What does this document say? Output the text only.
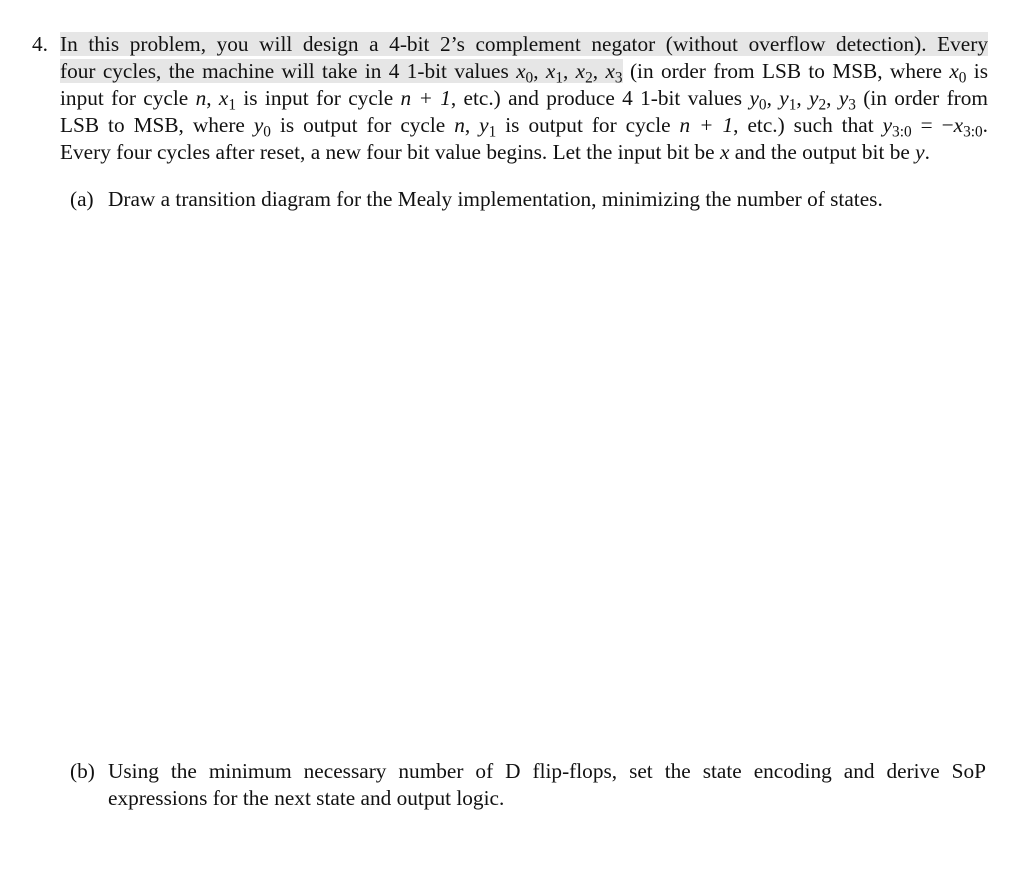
4. In this problem, you will design a 4-bit 2’s complement negator (without overflow detection). Every
four cycles, the machine will take in 4 1-bit values $x_0$, $x_1$, $x_2$, $x_3$ (in order from LSB to MSB, where $x_0$ is
input for cycle n, $x_1$ is input for cycle n + 1, etc.) and produce 4 1-bit values $y_0$, $y_1$, $y_2$, $y_3$ (in order from
LSB to MSB, where $y_0$ is output for cycle n, $y_1$ is output for cycle n + 1, etc.) such that $y_{3:0} = -x_{3:0}$.
Every four cycles after reset, a new four bit value begins. Let the input bit be x and the output bit be y.
(a) Draw a transition diagram for the Mealy implementation, minimizing the number of states.
(b) Using the minimum necessary number of D flip-flops, set the state encoding and derive SoP
expressions for the next state and output logic.
